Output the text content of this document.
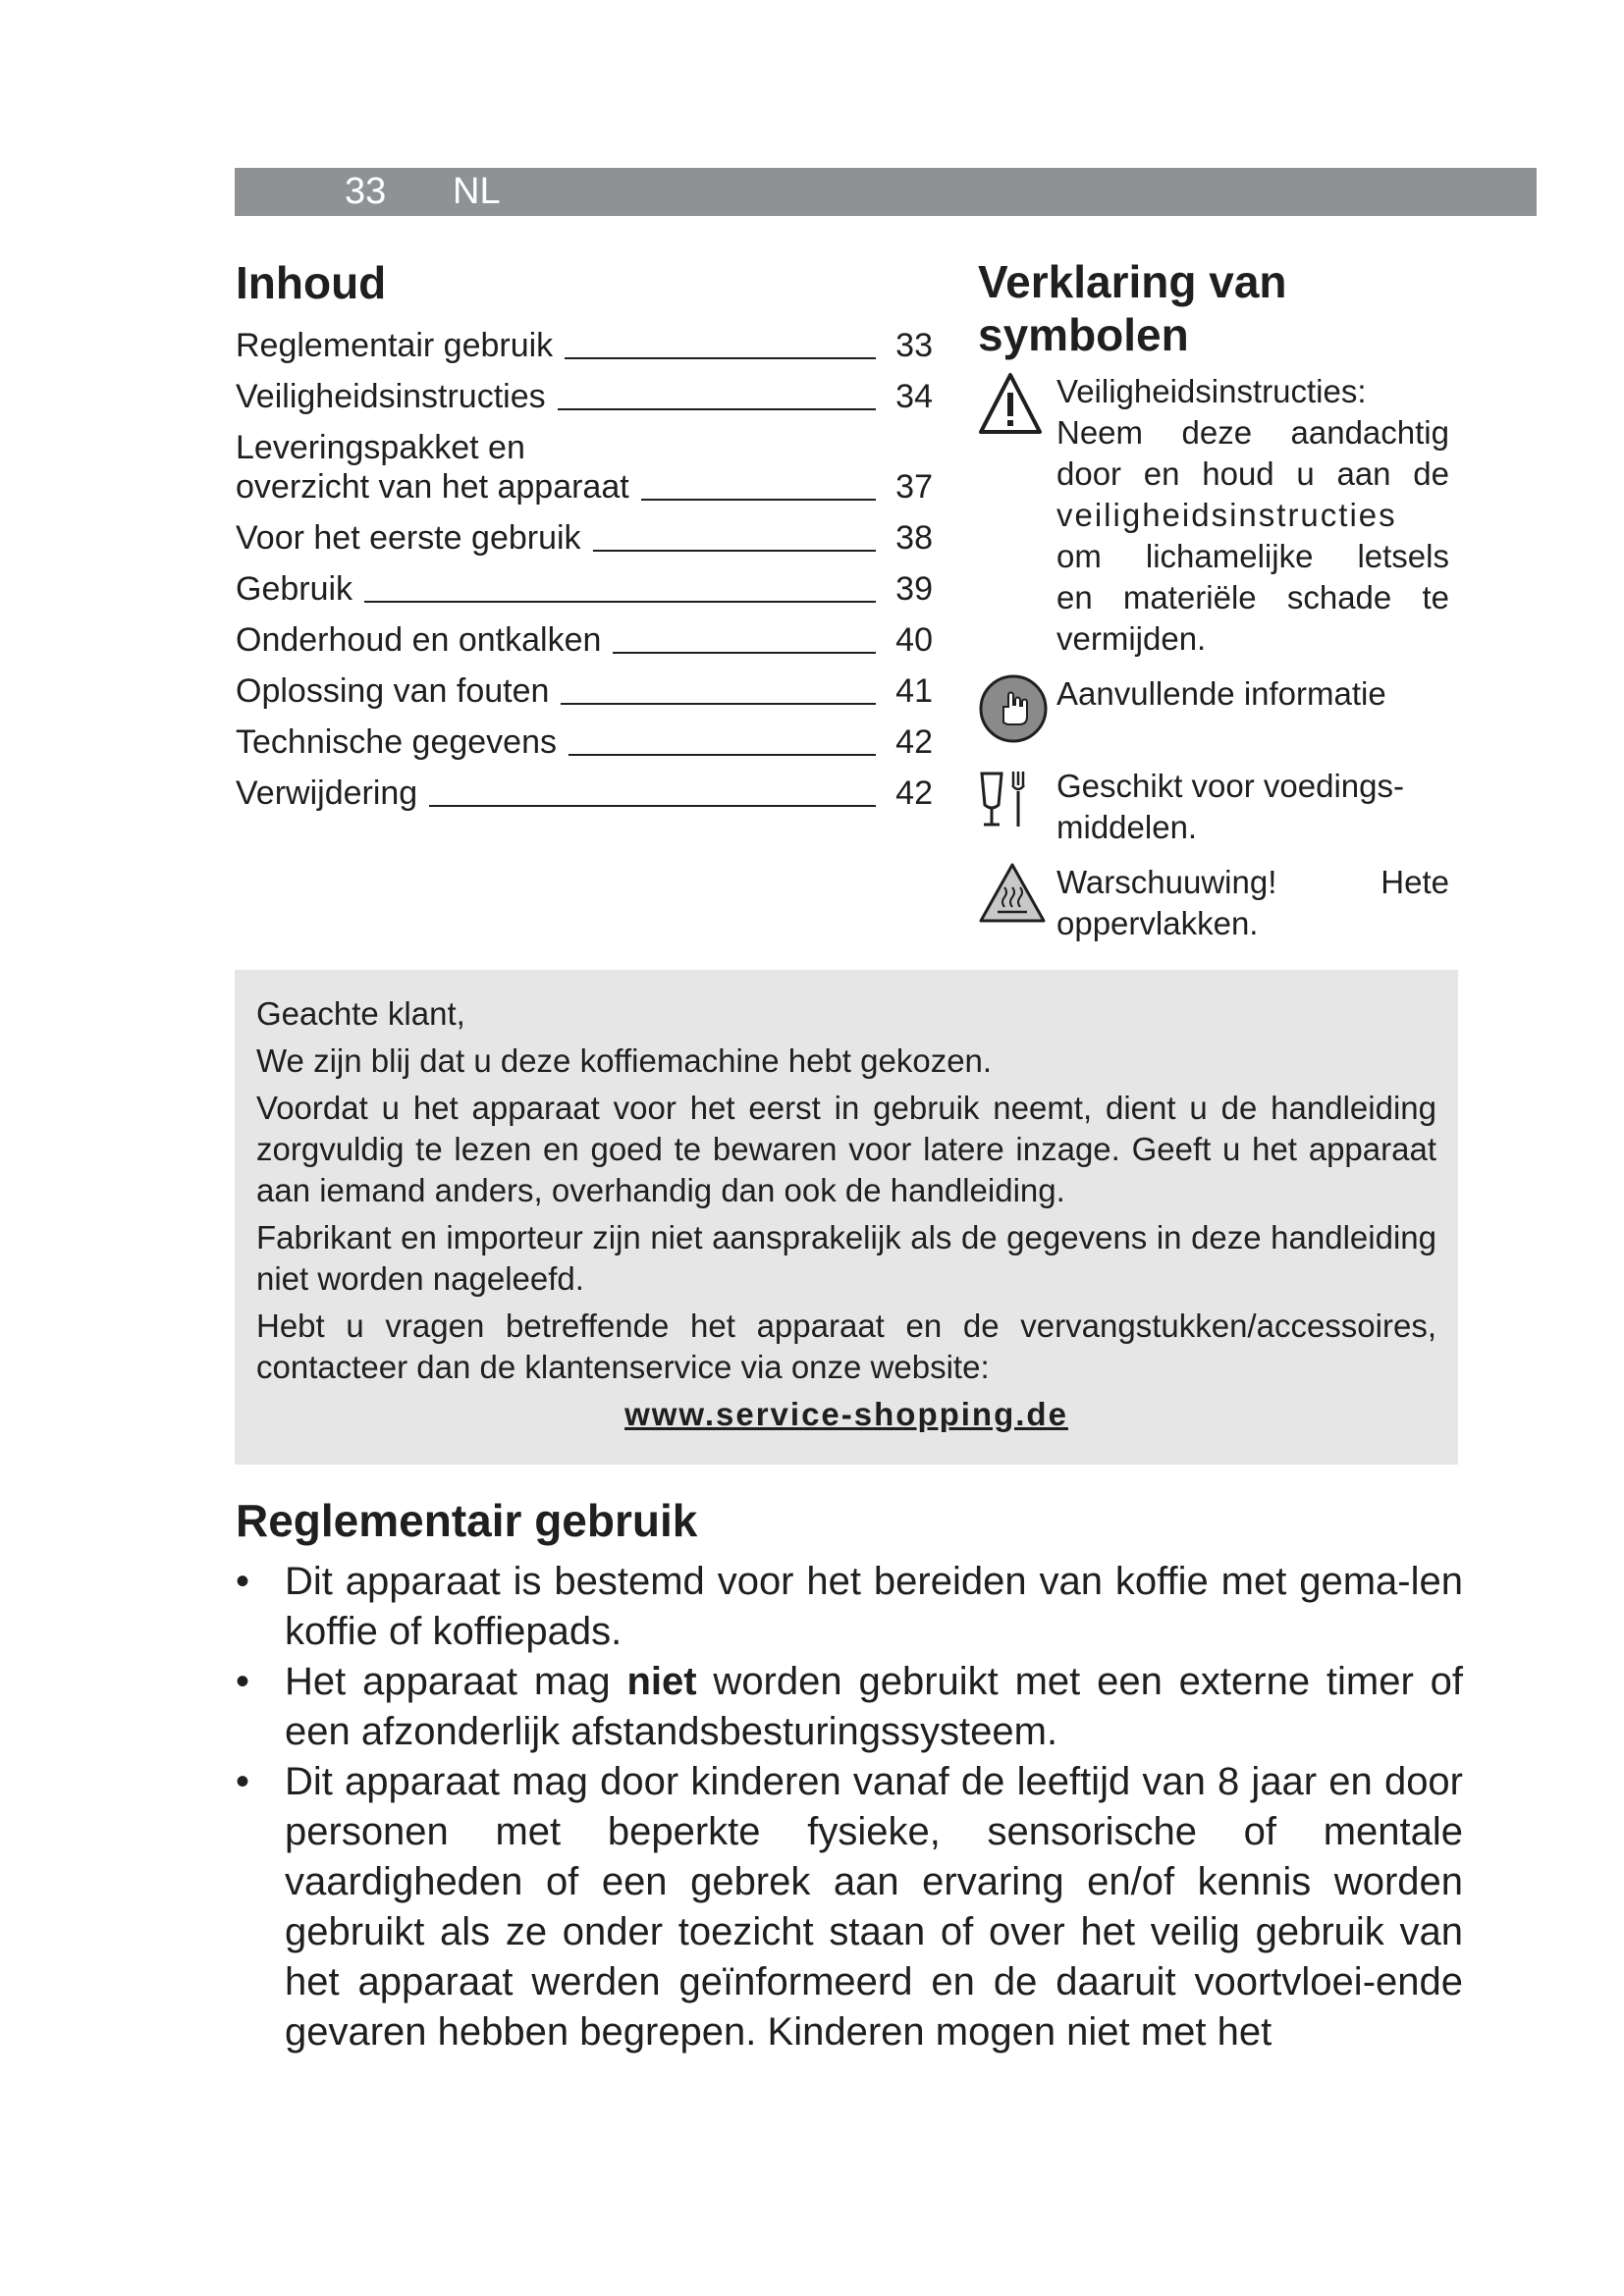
33 NL
Inhoud
Reglementair gebruik	33
Veiligheidsinstructies	34
Leveringspakket en
overzicht van het apparaat	37
Voor het eerste gebruik	38
Gebruik	39
Onderhoud en ontkalken	40
Oplossing van fouten	41
Technische gegevens	42
Verwijdering	42
Verklaring van
symbolen
Veiligheidsinstructies:
Neem deze aandachtig
door en houd u aan de
veiligheidsinstructies
om lichamelijke letsels
en materiële schade te
vermijden.
Aanvullende informatie
Geschikt voor voedings-
middelen.
Warschuuwing! Hete
oppervlakken.

Geachte klant,

We zijn blij dat u deze koffiemachine hebt gekozen.

Voordat u het apparaat voor het eerst in gebruik neemt, dient u de handleiding zorgvuldig te lezen en goed te bewaren voor latere inzage. Geeft u het apparaat aan iemand anders, overhandig dan ook de handleiding.

Fabrikant en importeur zijn niet aansprakelijk als de gegevens in deze handleiding niet worden nageleefd.

Hebt u vragen betreffende het apparaat en de vervangstukken/accessoires, contacteer dan de klantenservice via onze website:

www.service-shopping.de

Reglementair gebruik
• Dit apparaat is bestemd voor het bereiden van koffie met gema-len koffie of koffiepads.
• Het apparaat mag niet worden gebruikt met een externe timer of een afzonderlijk afstandsbesturingssysteem.
• Dit apparaat mag door kinderen vanaf de leeftijd van 8 jaar en door personen met beperkte fysieke, sensorische of mentale vaardigheden of een gebrek aan ervaring en/of kennis worden gebruikt als ze onder toezicht staan of over het veilig gebruik van het apparaat werden geïnformeerd en de daaruit voortvloei-ende gevaren hebben begrepen. Kinderen mogen niet met het
